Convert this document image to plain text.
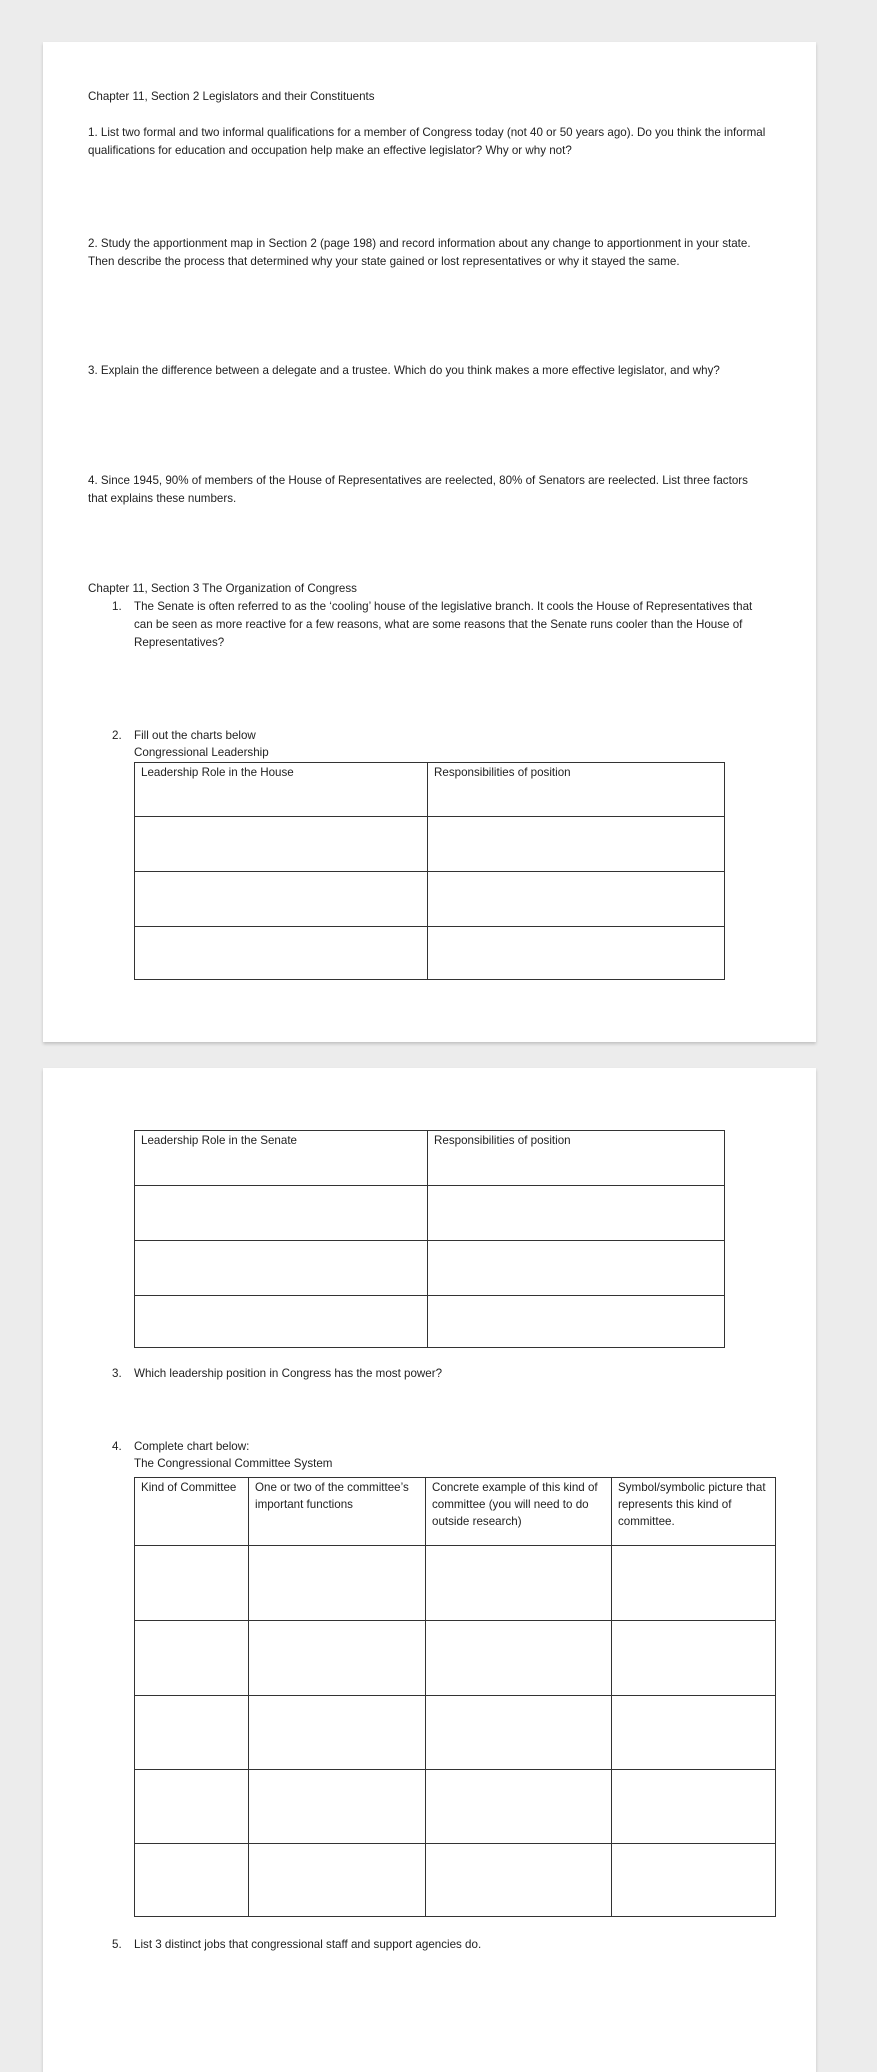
Chapter 11, Section 2 Legislators and their Constituents

1. List two formal and two informal qualifications for a member of Congress today (not 40 or 50 years ago). Do you think the informal qualifications for education and occupation help make an effective legislator? Why or why not?

2. Study the apportionment map in Section 2 (page 198) and record information about any change to apportionment in your state. Then describe the process that determined why your state gained or lost representatives or why it stayed the same.

3. Explain the difference between a delegate and a trustee. Which do you think makes a more effective legislator, and why?

4. Since 1945, 90% of members of the House of Representatives are reelected, 80% of Senators are reelected. List three factors that explains these numbers.

Chapter 11, Section 3 The Organization of Congress

1. The Senate is often referred to as the ‘cooling’ house of the legislative branch. It cools the House of Representatives that can be seen as more reactive for a few reasons, what are some reasons that the Senate runs cooler than the House of Representatives?

2. Fill out the charts below

Congressional Leadership

Leadership Role in the House	Responsibilities of position

Leadership Role in the Senate	Responsibilities of position

3. Which leadership position in Congress has the most power?

4. Complete chart below:

The Congressional Committee System

Kind of Committee	One or two of the committee’s important functions	Concrete example of this kind of committee (you will need to do outside research)	Symbol/symbolic picture that represents this kind of committee.

5. List 3 distinct jobs that congressional staff and support agencies do.
